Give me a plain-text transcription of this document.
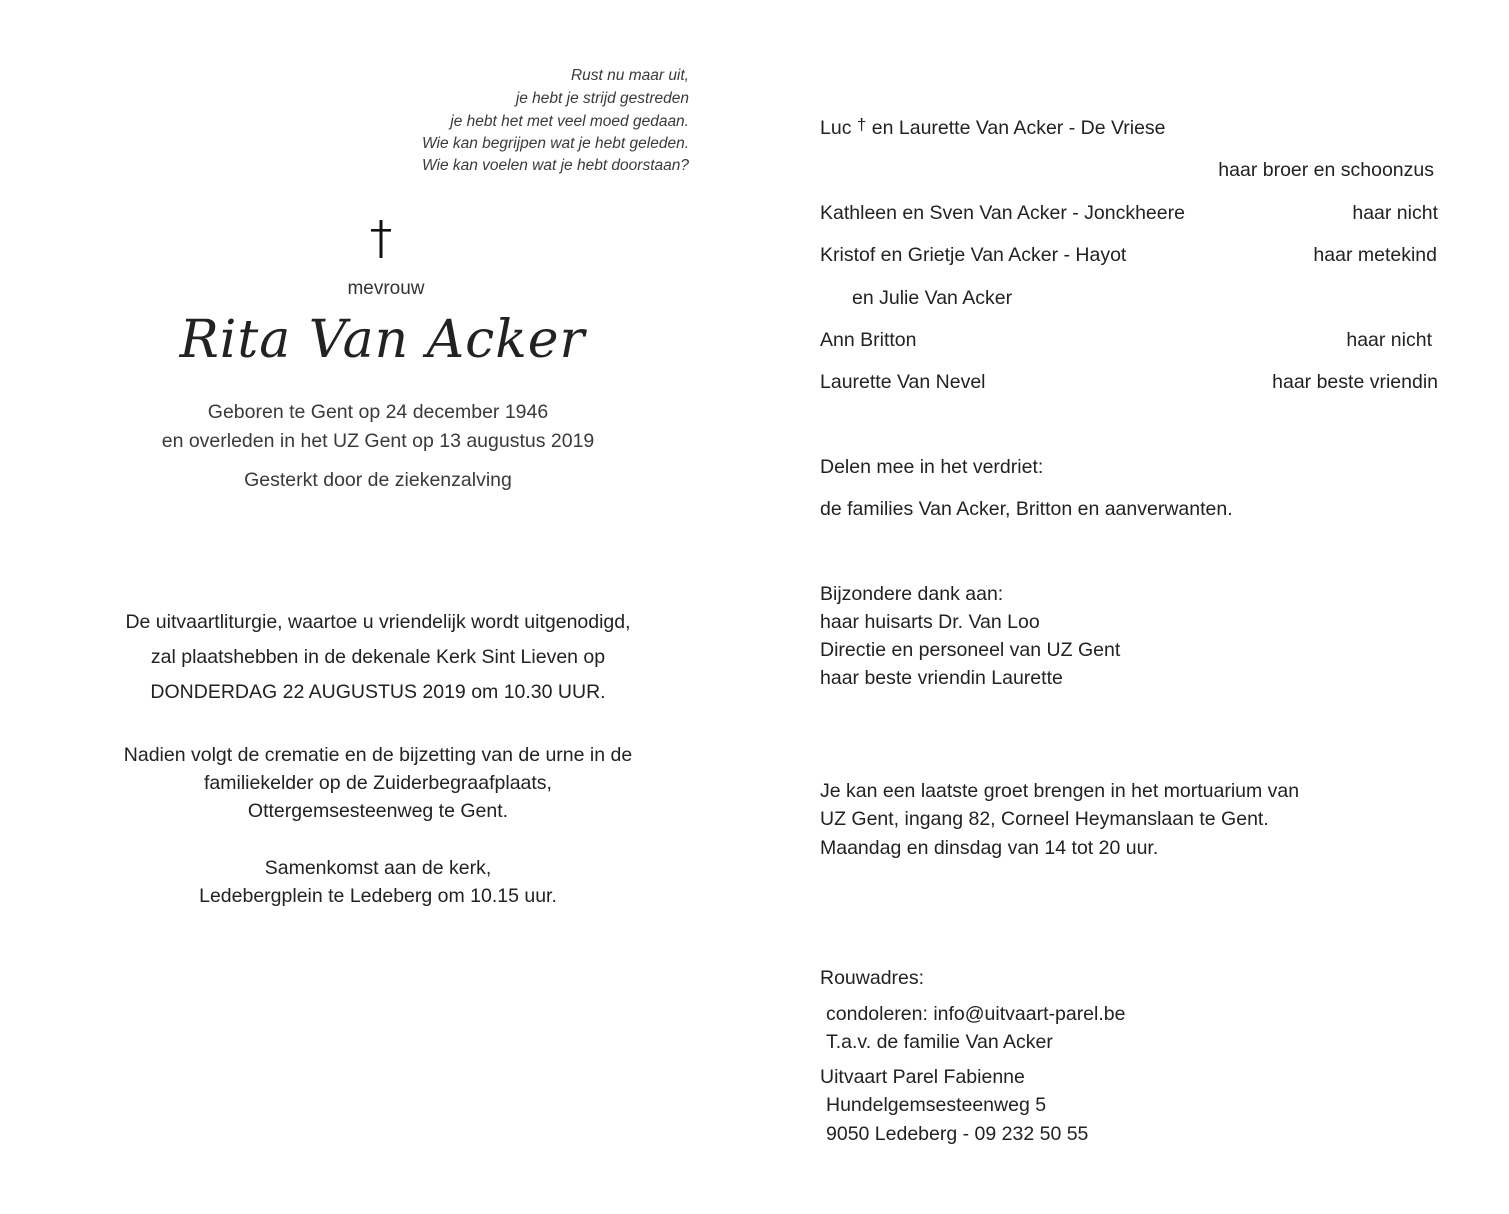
Rust nu maar uit,
je hebt je strijd gestreden
je hebt het met veel moed gedaan.
Wie kan begrijpen wat je hebt geleden.
Wie kan voelen wat je hebt doorstaan?
mevrouw
Rita Van Acker
Geboren te Gent op 24 december 1946
en overleden in het UZ Gent op 13 augustus 2019
Gesterkt door de ziekenzalving
De uitvaartliturgie, waartoe u vriendelijk wordt uitgenodigd,
zal plaatshebben in de dekenale Kerk Sint Lieven op
DONDERDAG 22 AUGUSTUS 2019 om 10.30 UUR.
Nadien volgt de crematie en de bijzetting van de urne in de
familiekelder op de Zuiderbegraafplaats,
Ottergemsesteenweg te Gent.
Samenkomst aan de kerk,
Ledebergplein te Ledeberg om 10.15 uur.
Luc † en Laurette Van Acker - De Vriese
haar broer en schoonzus
Kathleen en Sven Van Acker - Jonckheere	haar nicht
Kristof en Grietje Van Acker - Hayot	haar metekind
en Julie Van Acker
Ann Britton	haar nicht
Laurette Van Nevel	haar beste vriendin
Delen mee in het verdriet:
de families Van Acker, Britton en aanverwanten.
Bijzondere dank aan:
haar huisarts Dr. Van Loo
Directie en personeel van UZ Gent
haar beste vriendin Laurette
Je kan een laatste groet brengen in het mortuarium van
UZ Gent, ingang 82, Corneel Heymanslaan te Gent.
Maandag en dinsdag van 14 tot 20 uur.
Rouwadres:
condoleren: info@uitvaart-parel.be
T.a.v. de familie Van Acker
Uitvaart Parel Fabienne
Hundelgemsesteenweg 5
9050 Ledeberg - 09 232 50 55
